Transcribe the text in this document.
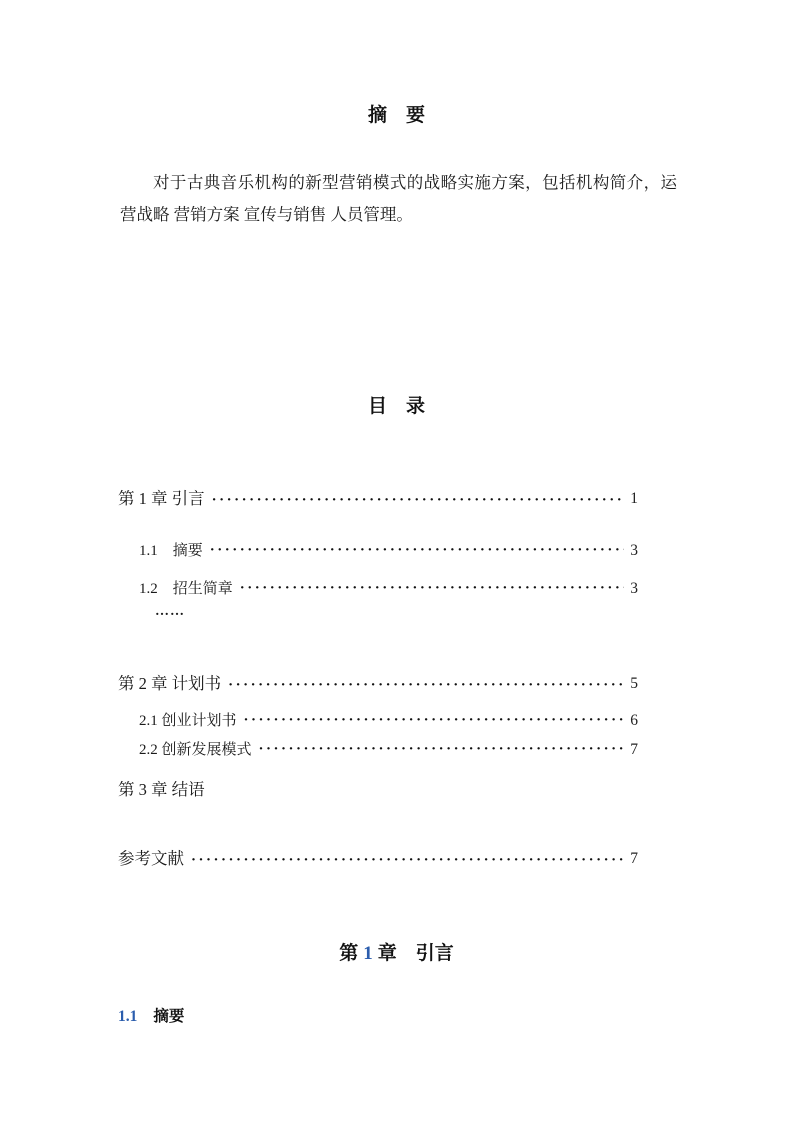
摘　要

对于古典音乐机构的新型营销模式的战略实施方案，包括机构简介，运营战略 营销方案 宣传与销售 人员管理。

目　录
第 1 章 引言 ·····	1
1.1　摘要 ·····	3
1.2　招生简章 ·····	3
……
第 2 章 计划书 ·····	5
2.1 创业计划书 ·····	6
2.2 创新发展模式 ·····	7
第 3 章 结语
参考文献 ·····	7
第 1 章 引言
1.1 摘要
